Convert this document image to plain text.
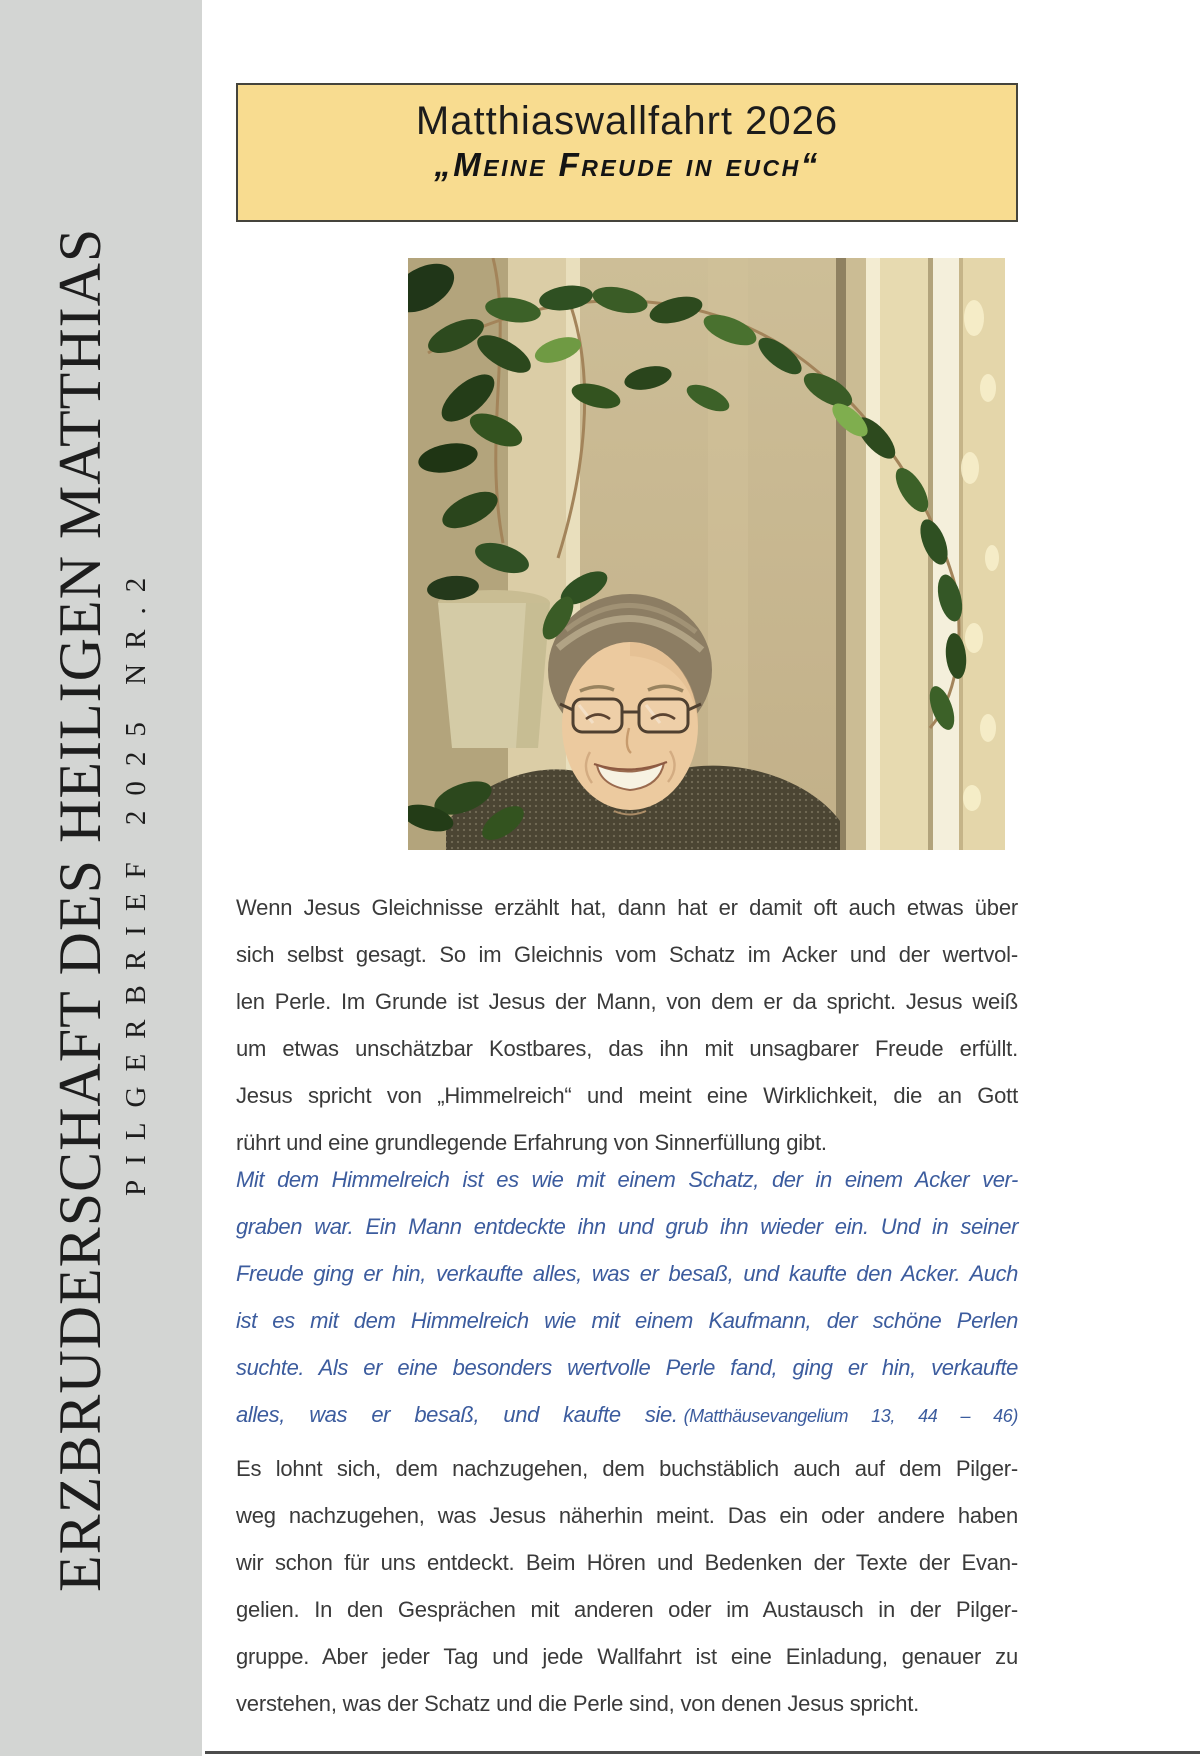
ERZBRUDERSCHAFT DES HEILIGEN MATTHIAS PILGERBRIEF 2025 NR.2
Matthiaswallfahrt 2026
„Meine Freude in euch“
Wenn Jesus Gleichnisse erzählt hat, dann hat er damit oft auch etwas über
sich selbst gesagt. So im Gleichnis vom Schatz im Acker und der wertvol-
len Perle. Im Grunde ist Jesus der Mann, von dem er da spricht. Jesus weiß
um etwas unschätzbar Kostbares, das ihn mit unsagbarer Freude erfüllt.
Jesus spricht von „Himmelreich“ und meint eine Wirklichkeit, die an Gott
rührt und eine grundlegende Erfahrung von Sinnerfüllung gibt.
Mit dem Himmelreich ist es wie mit einem Schatz, der in einem Acker ver-
graben war. Ein Mann entdeckte ihn und grub ihn wieder ein. Und in seiner
Freude ging er hin, verkaufte alles, was er besaß, und kaufte den Acker. Auch
ist es mit dem Himmelreich wie mit einem Kaufmann, der schöne Perlen
suchte. Als er eine besonders wertvolle Perle fand, ging er hin, verkaufte
alles, was er besaß, und kaufte sie. (Matthäusevangelium 13, 44 – 46)
Es lohnt sich, dem nachzugehen, dem buchstäblich auch auf dem Pilger-
weg nachzugehen, was Jesus näherhin meint. Das ein oder andere haben
wir schon für uns entdeckt. Beim Hören und Bedenken der Texte der Evan-
gelien. In den Gesprächen mit anderen oder im Austausch in der Pilger-
gruppe. Aber jeder Tag und jede Wallfahrt ist eine Einladung, genauer zu
verstehen, was der Schatz und die Perle sind, von denen Jesus spricht.
